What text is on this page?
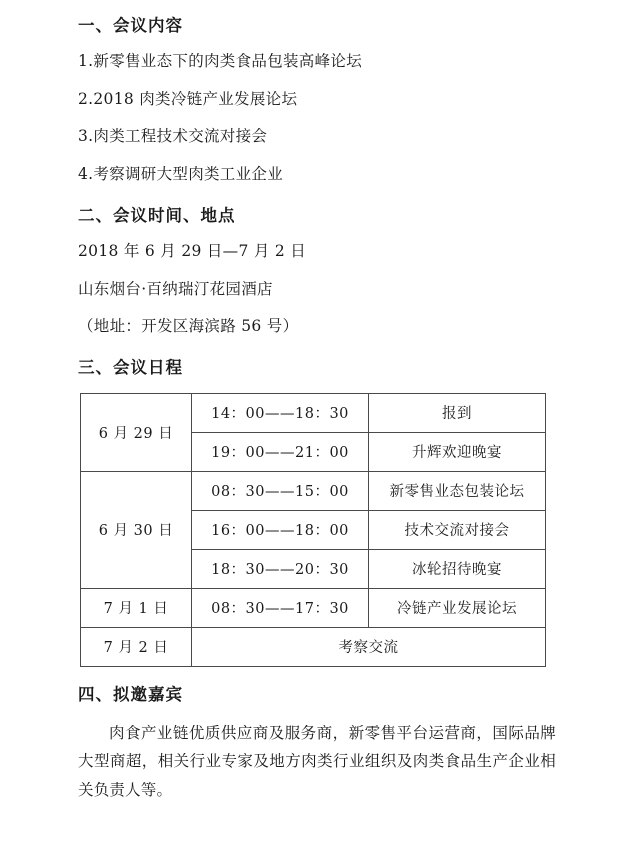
一、会议内容

1.新零售业态下的肉类食品包装高峰论坛

2.2018 肉类冷链产业发展论坛

3.肉类工程技术交流对接会

4.考察调研大型肉类工业企业

二、会议时间、地点

2018 年 6 月 29 日—7 月 2 日

山东烟台·百纳瑞汀花园酒店

（地址：开发区海滨路 56 号）

三、会议日程
6 月 29 日	14：00——18：30	报到
	19：00——21：00	升辉欢迎晚宴
6 月 30 日	08：30——15：00	新零售业态包装论坛
	16：00——18：00	技术交流对接会
	18：30——20：30	冰轮招待晚宴
7 月 1 日	08：30——17：30	冷链产业发展论坛
7 月 2 日	考察交流	
四、拟邀嘉宾

肉食产业链优质供应商及服务商，新零售平台运营商，国际品牌大型商超，相关行业专家及地方肉类行业组织及肉类食品生产企业相关负责人等。
